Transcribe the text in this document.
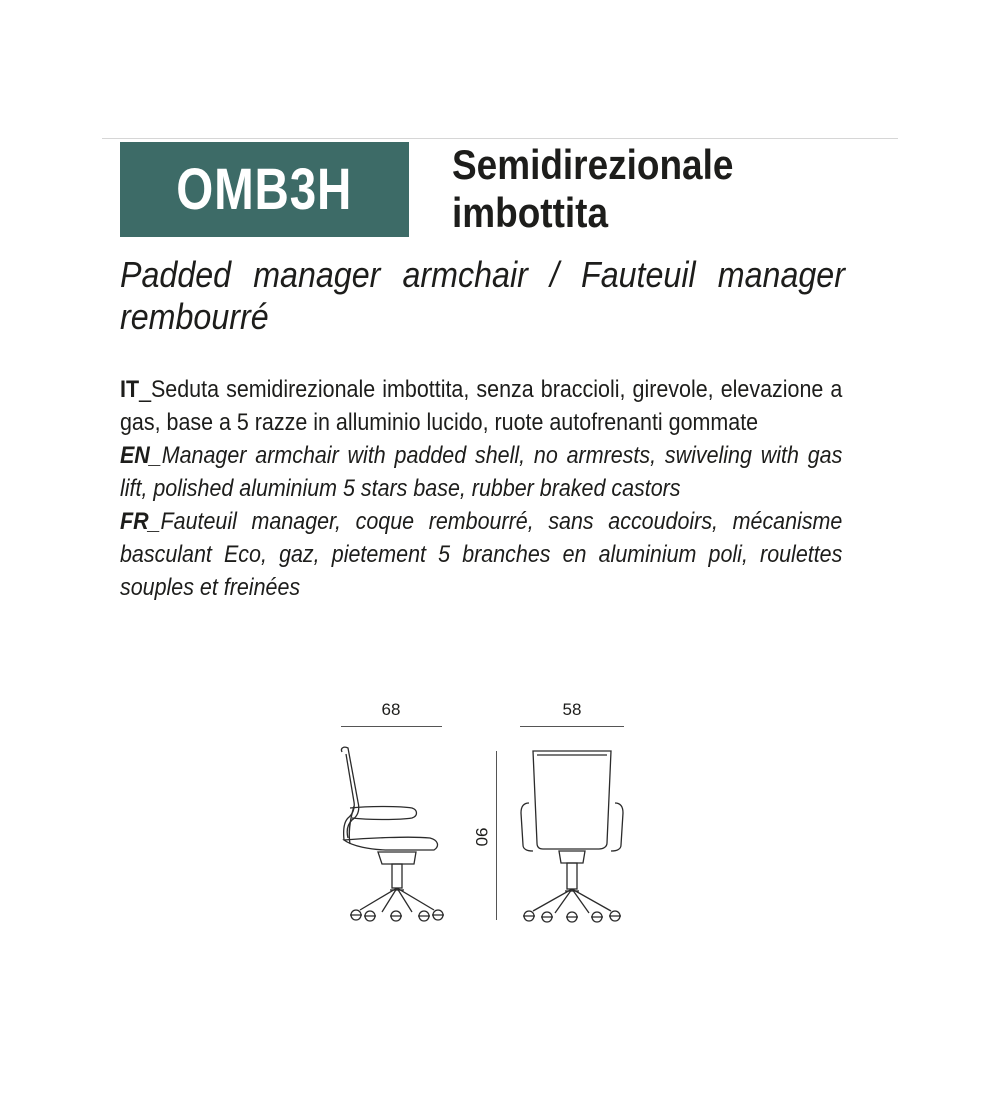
OMB3H Semidirezionale
imbottita
Padded manager armchair / Fauteuil manager rembourré

IT_Seduta semidirezionale imbottita, senza braccioli, girevole, elevazione a gas, base a 5 razze in alluminio lucido, ruote autofrenanti gommate

EN_Manager armchair with padded shell, no armrests, swiveling with gas lift, polished aluminium 5 stars base, rubber braked castors

FR_Fauteuil manager, coque rembourré, sans accoudoirs, mécanisme basculant Eco, gaz, pietement 5 branches en aluminium poli, roulettes souples et freinées

68	58
90
